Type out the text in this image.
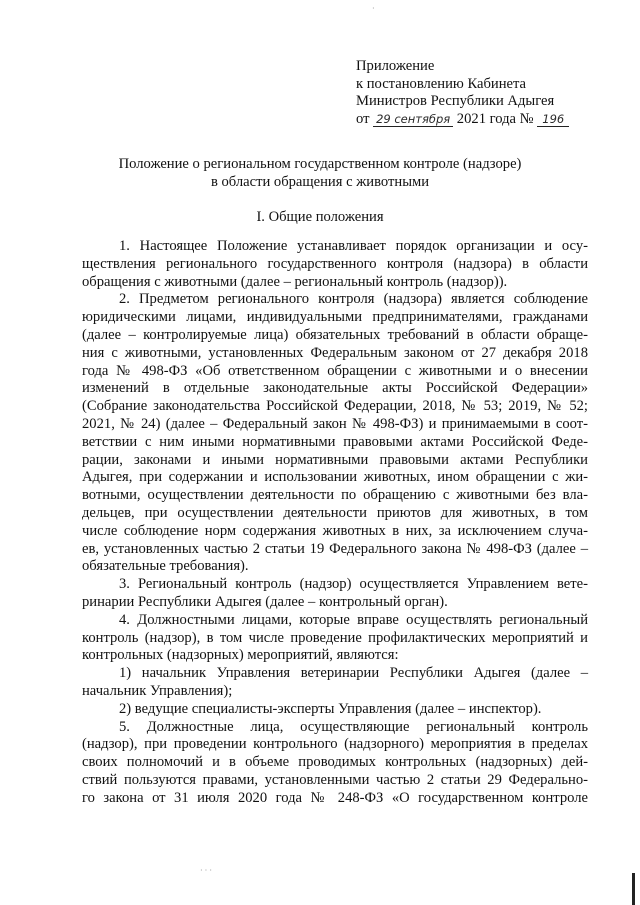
Приложение
к постановлению Кабинета
Министров Республики Адыгея
от 29 сентября 2021 года № 196
Положение о региональном государственном контроле (надзоре)
в области обращения с животными
I. Общие положения
1. Настоящее Положение устанавливает порядок организации и осу-
ществления регионального государственного контроля (надзора) в области
обращения с животными (далее – региональный контроль (надзор)).
2. Предметом регионального контроля (надзора) является соблюдение
юридическими лицами, индивидуальными предпринимателями, гражданами
(далее – контролируемые лица) обязательных требований в области обраще-
ния с животными, установленных Федеральным законом от 27 декабря 2018
года № 498-ФЗ «Об ответственном обращении с животными и о внесении
изменений в отдельные законодательные акты Российской Федерации»
(Собрание законодательства Российской Федерации, 2018, № 53; 2019, № 52;
2021, № 24) (далее – Федеральный закон № 498-ФЗ) и принимаемыми в соот-
ветствии с ним иными нормативными правовыми актами Российской Феде-
рации, законами и иными нормативными правовыми актами Республики
Адыгея, при содержании и использовании животных, ином обращении с жи-
вотными, осуществлении деятельности по обращению с животными без вла-
дельцев, при осуществлении деятельности приютов для животных, в том
числе соблюдение норм содержания животных в них, за исключением случа-
ев, установленных частью 2 статьи 19 Федерального закона № 498-ФЗ (далее –
обязательные требования).
3. Региональный контроль (надзор) осуществляется Управлением вете-
ринарии Республики Адыгея (далее – контрольный орган).
4. Должностными лицами, которые вправе осуществлять региональный
контроль (надзор), в том числе проведение профилактических мероприятий и
контрольных (надзорных) мероприятий, являются:
1) начальник Управления ветеринарии Республики Адыгея (далее –
начальник Управления);
2) ведущие специалисты-эксперты Управления (далее – инспектор).
5. Должностные лица, осуществляющие региональный контроль
(надзор), при проведении контрольного (надзорного) мероприятия в пределах
своих полномочий и в объеме проводимых контрольных (надзорных) дей-
ствий пользуются правами, установленными частью 2 статьи 29 Федерально-
го закона от 31 июля 2020 года № 248-ФЗ «О государственном контроле
·
· · ·
